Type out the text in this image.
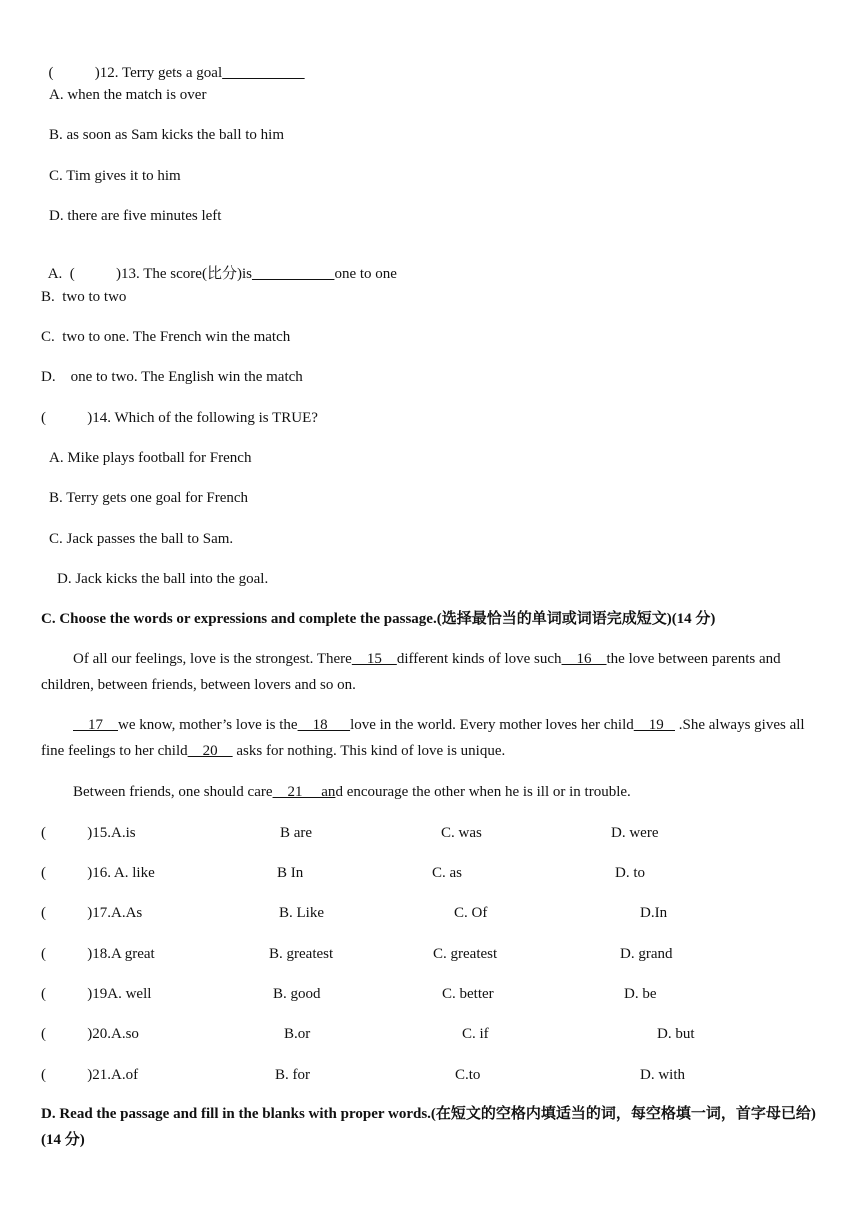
(           )12. Terry gets a goal

A. when the match is over
B. as soon as Sam kicks the ball to him
C. Tim gives it to him
D. there are five minutes left

A.  (           )13. The score(比分)is	one to one

B.  two to two
C.  two to one. The French win the match
D.    one to two. The English win the match
(           )14. Which of the following is TRUE?
A. Mike plays football for French
B. Terry gets one goal for French
C. Jack passes the ball to Sam.
D. Jack kicks the ball into the goal.
C. Choose the words or expressions and complete the passage.(选择最恰当的单词或词语完成短文)(14 分)
Of all our feelings, love is the strongest. There    15    different kinds of love such    16    the love between parents and children, between friends, between lovers and so on.
17    we know, mother’s love is the    18      love in the world. Every mother loves her child    19    .She always gives all fine feelings to her child    20     asks for nothing. This kind of love is unique.
Between friends, one should care    21     and encourage the other when he is ill or in trouble.
(           )15.A.is	B are	C. was	D. were
(           )16. A. like	B In	C. as	D. to
(           )17.A.As	B. Like	C. Of	D.In
(           )18.A great	B. greatest	C. greatest	D. grand
(           )19A. well	B. good	C. better	D. be
(           )20.A.so	B.or	C. if	D. but
(           )21.A.of	B. for	C.to	D. with
D. Read the passage and fill in the blanks with proper words.(在短文的空格内填适当的词，每空格填一词，首字母已给)(14 分)
